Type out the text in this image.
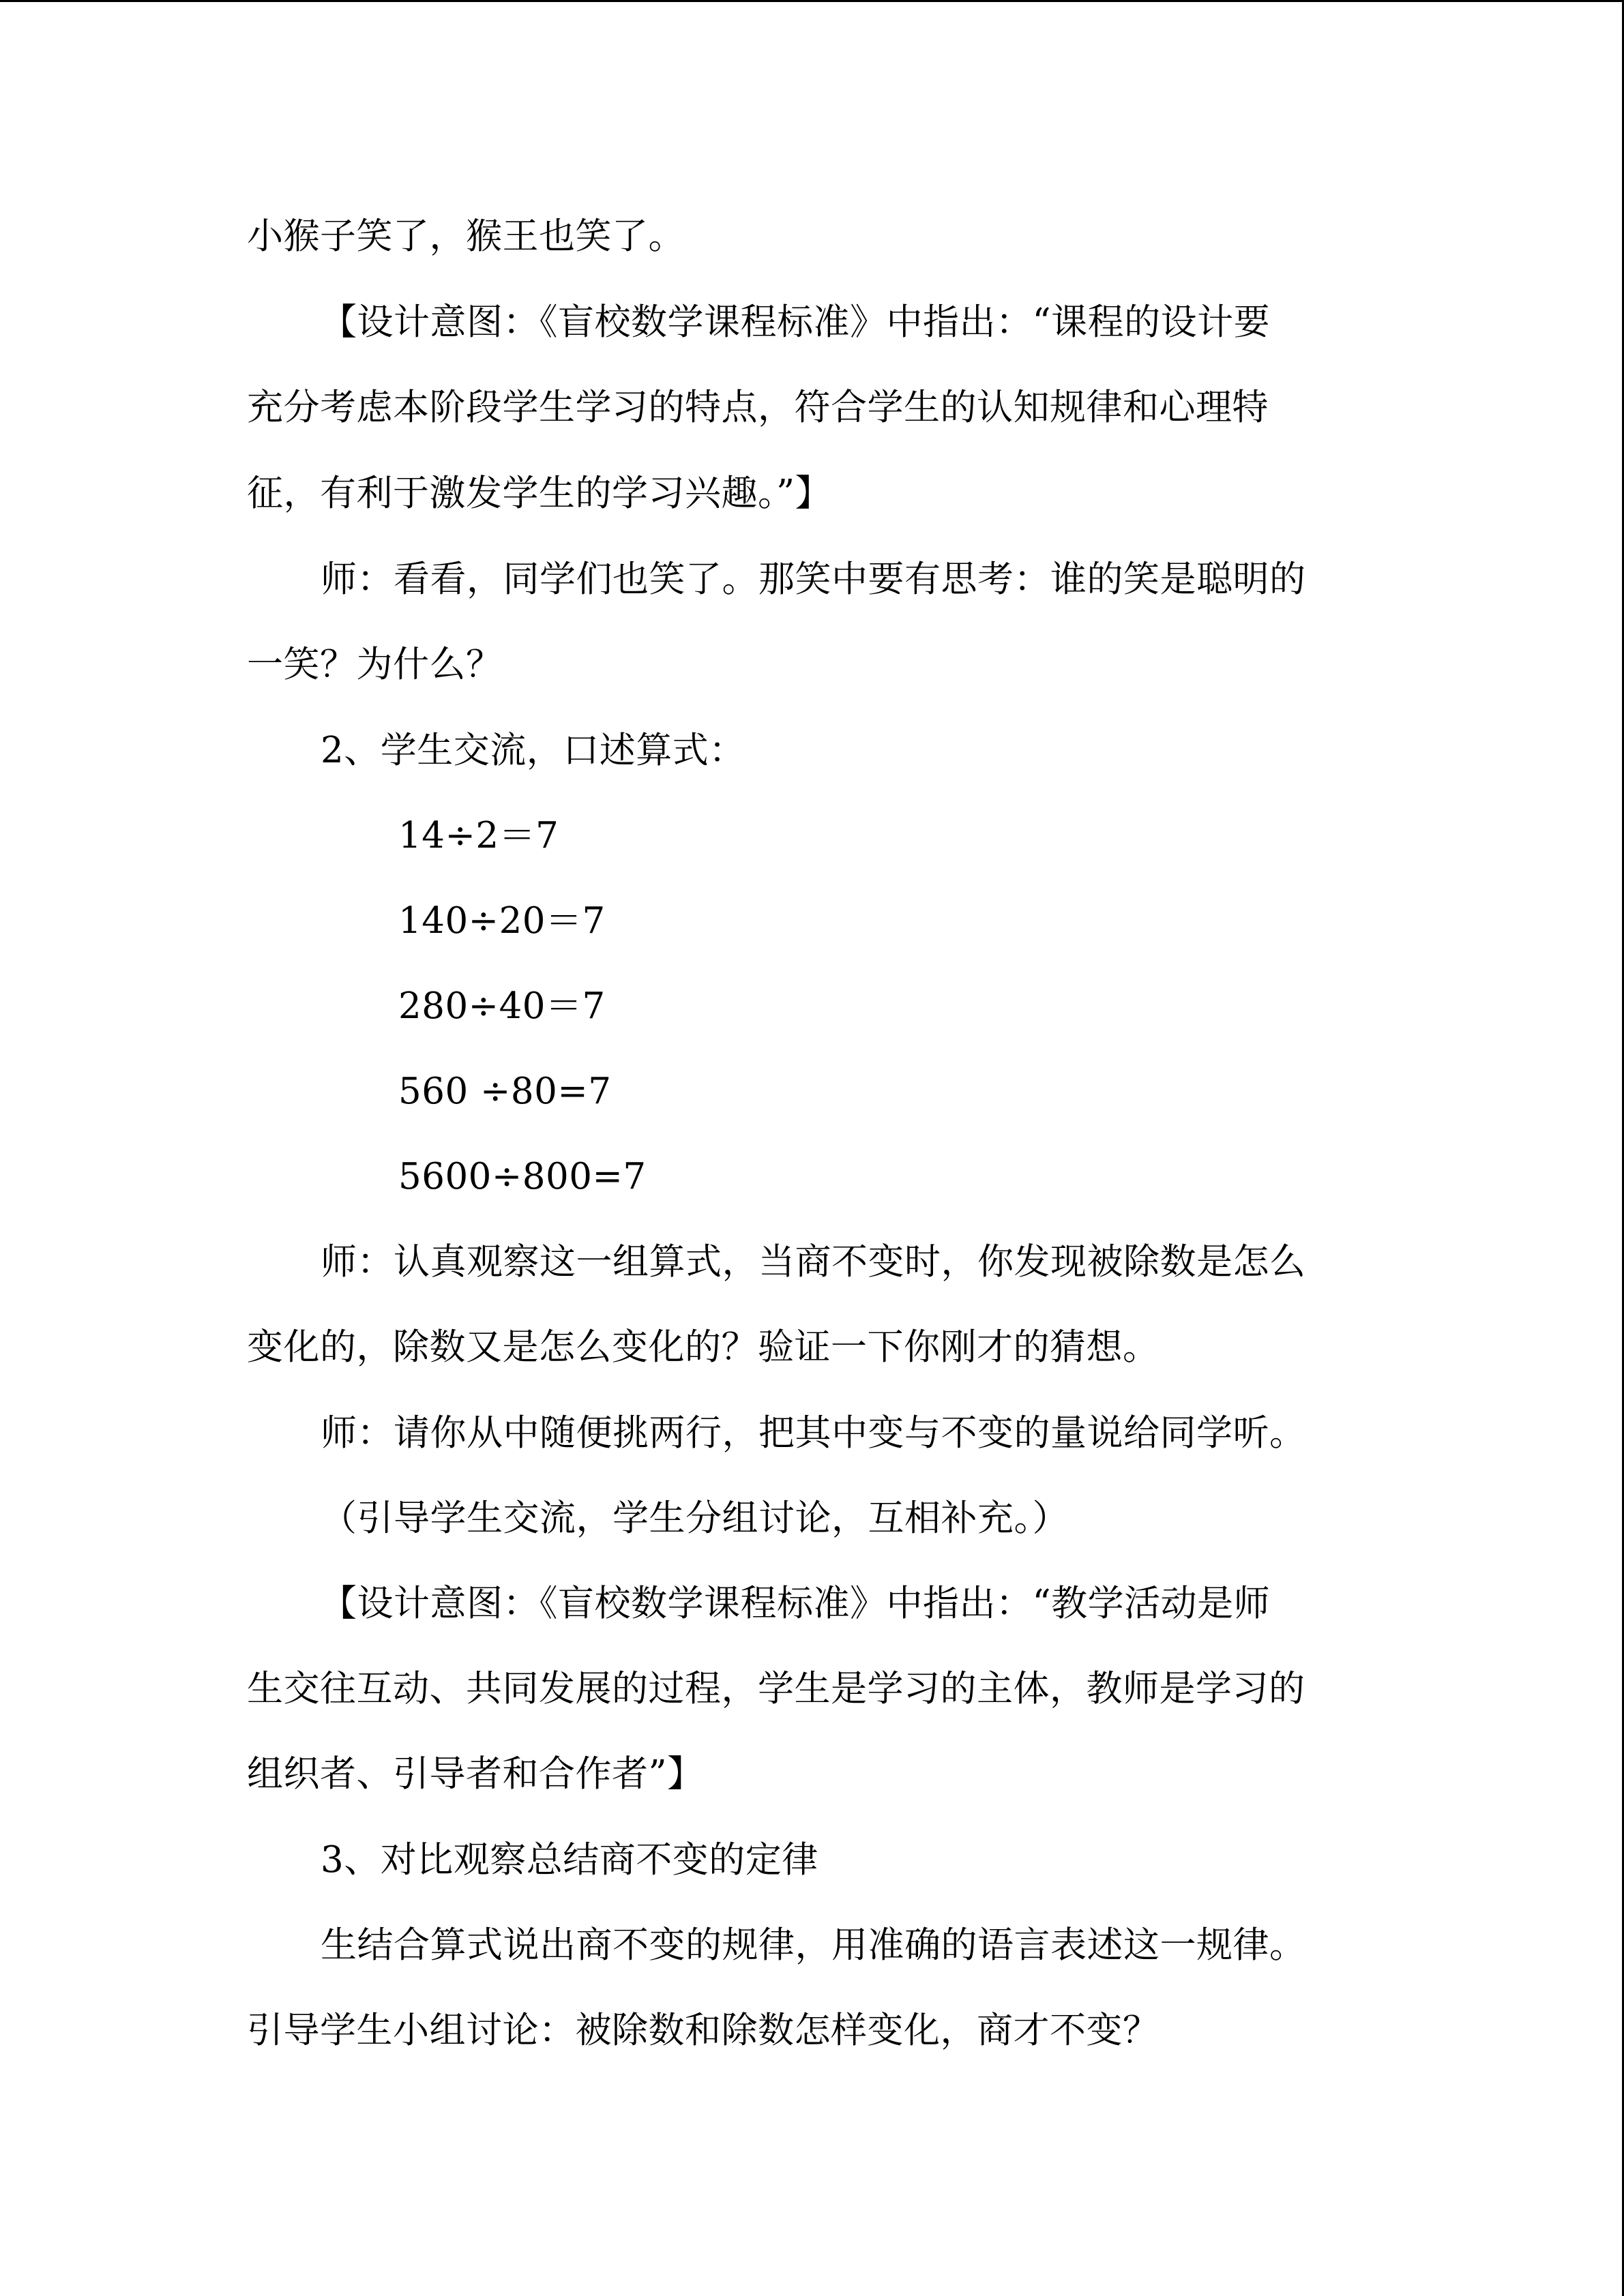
小猴子笑了，猴王也笑了。
【设计意图：《盲校数学课程标准》中指出：“课程的设计要
充分考虑本阶段学生学习的特点，符合学生的认知规律和心理特
征，有利于激发学生的学习兴趣。”】
师：看看，同学们也笑了。那笑中要有思考：谁的笑是聪明的
一笑？为什么？
2、学生交流，口述算式：
14÷2＝7
140÷20＝7
280÷40＝7
560 ÷80=7
5600÷800=7
师：认真观察这一组算式，当商不变时，你发现被除数是怎么
变化的，除数又是怎么变化的？验证一下你刚才的猜想。
师：请你从中随便挑两行，把其中变与不变的量说给同学听。
（引导学生交流，学生分组讨论，互相补充。）
【设计意图：《盲校数学课程标准》中指出：“教学活动是师
生交往互动、共同发展的过程，学生是学习的主体，教师是学习的
组织者、引导者和合作者”】
3、对比观察总结商不变的定律
生结合算式说出商不变的规律，用准确的语言表述这一规律。
引导学生小组讨论：被除数和除数怎样变化，商才不变？
